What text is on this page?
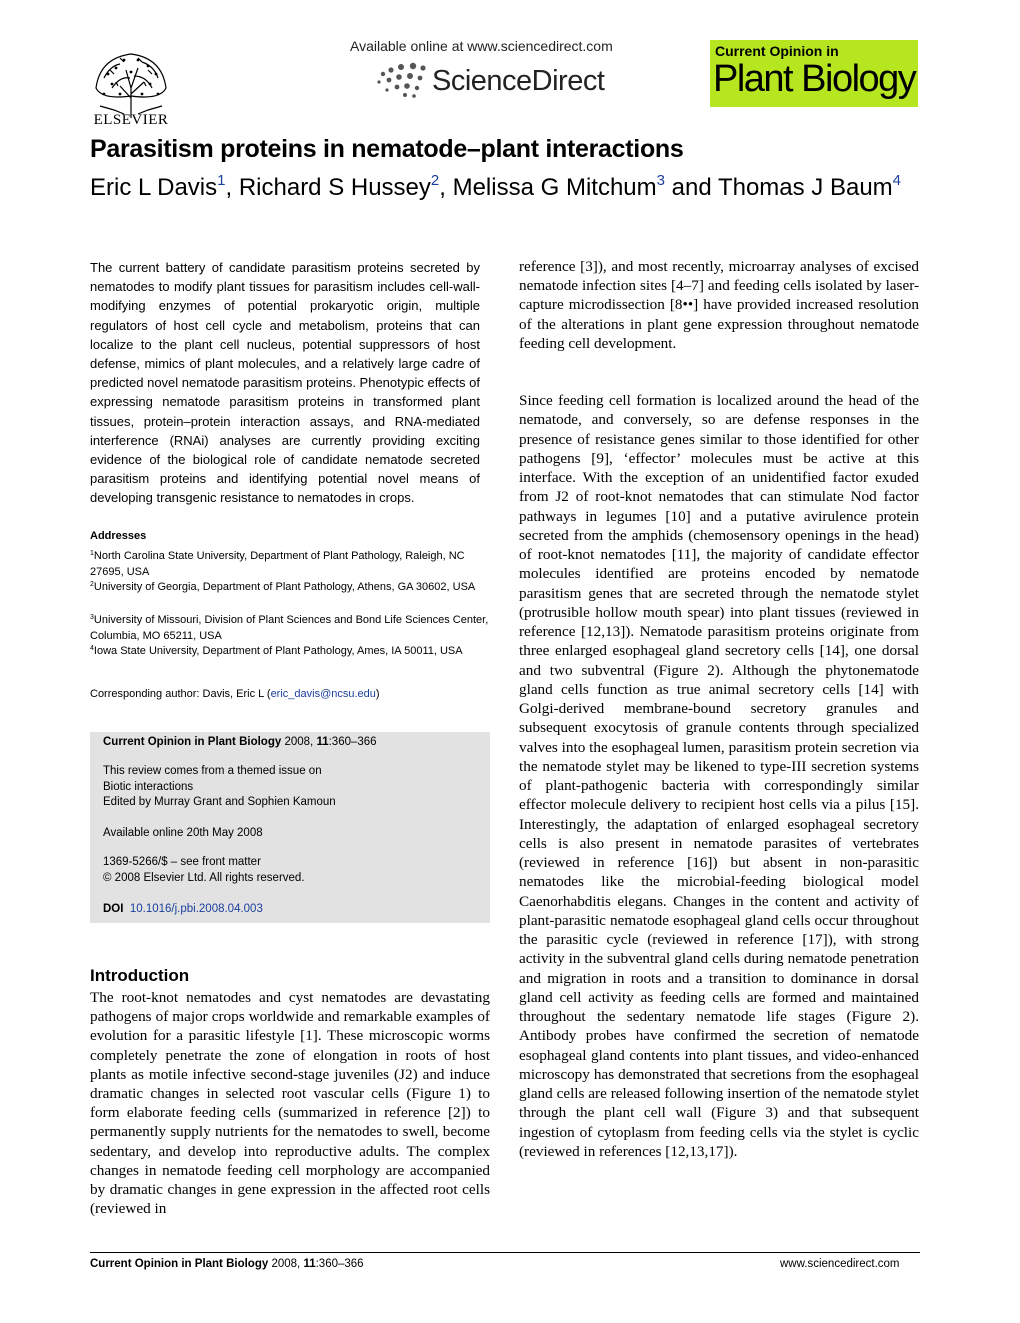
ELSEVIER
Available online at www.sciencedirect.com
ScienceDirect
Current Opinion in
Plant Biology
Parasitism proteins in nematode–plant interactions
Eric L Davis$^1$, Richard S Hussey$^2$, Melissa G Mitchum$^3$ and Thomas J Baum$^4$
The current battery of candidate parasitism proteins secreted by nematodes to modify plant tissues for parasitism includes cell-wall-modifying enzymes of potential prokaryotic origin, multiple regulators of host cell cycle and metabolism, proteins that can localize to the plant cell nucleus, potential suppressors of host defense, mimics of plant molecules, and a relatively large cadre of predicted novel nematode parasitism proteins. Phenotypic effects of expressing nematode parasitism proteins in transformed plant tissues, protein–protein interaction assays, and RNA-mediated interference (RNAi) analyses are currently providing exciting evidence of the biological role of candidate nematode secreted parasitism proteins and identifying potential novel means of developing transgenic resistance to nematodes in crops.
Addresses
$^1$North Carolina State University, Department of Plant Pathology, Raleigh, NC 27695, USA
$^2$University of Georgia, Department of Plant Pathology, Athens, GA 30602, USA
$^3$University of Missouri, Division of Plant Sciences and Bond Life Sciences Center, Columbia, MO 65211, USA
$^4$Iowa State University, Department of Plant Pathology, Ames, IA 50011, USA
Corresponding author: Davis, Eric L (eric_davis@ncsu.edu)
Current Opinion in Plant Biology 2008, 11:360–366
This review comes from a themed issue on
Biotic interactions
Edited by Murray Grant and Sophien Kamoun
Available online 20th May 2008
1369-5266/$ – see front matter
© 2008 Elsevier Ltd. All rights reserved.
DOI 10.1016/j.pbi.2008.04.003
Introduction
The root-knot nematodes and cyst nematodes are devastating pathogens of major crops worldwide and remarkable examples of evolution for a parasitic lifestyle [1]. These microscopic worms completely penetrate the zone of elongation in roots of host plants as motile infective second-stage juveniles (J2) and induce dramatic changes in selected root vascular cells (Figure 1) to form elaborate feeding cells (summarized in reference [2]) to permanently supply nutrients for the nematodes to swell, become sedentary, and develop into reproductive adults. The complex changes in nematode feeding cell morphology are accompanied by dramatic changes in gene expression in the affected root cells (reviewed in
reference [3]), and most recently, microarray analyses of excised nematode infection sites [4–7] and feeding cells isolated by laser-capture microdissection [8••] have provided increased resolution of the alterations in plant gene expression throughout nematode feeding cell development.
Since feeding cell formation is localized around the head of the nematode, and conversely, so are defense responses in the presence of resistance genes similar to those identified for other pathogens [9], ‘effector’ molecules must be active at this interface. With the exception of an unidentified factor exuded from J2 of root-knot nematodes that can stimulate Nod factor pathways in legumes [10] and a putative avirulence protein secreted from the amphids (chemosensory openings in the head) of root-knot nematodes [11], the majority of candidate effector molecules identified are proteins encoded by nematode parasitism genes that are secreted through the nematode stylet (protrusible hollow mouth spear) into plant tissues (reviewed in reference [12,13]). Nematode parasitism proteins originate from three enlarged esophageal gland secretory cells [14], one dorsal and two subventral (Figure 2). Although the phytonematode gland cells function as true animal secretory cells [14] with Golgi-derived membrane-bound secretory granules and subsequent exocytosis of granule contents through specialized valves into the esophageal lumen, parasitism protein secretion via the nematode stylet may be likened to type-III secretion systems of plant-pathogenic bacteria with correspondingly similar effector molecule delivery to recipient host cells via a pilus [15]. Interestingly, the adaptation of enlarged esophageal secretory cells is also present in nematode parasites of vertebrates (reviewed in reference [16]) but absent in non-parasitic nematodes like the microbial-feeding biological model Caenorhabditis elegans. Changes in the content and activity of plant-parasitic nematode esophageal gland cells occur throughout the parasitic cycle (reviewed in reference [17]), with strong activity in the subventral gland cells during nematode penetration and migration in roots and a transition to dominance in dorsal gland cell activity as feeding cells are formed and maintained throughout the sedentary nematode life stages (Figure 2). Antibody probes have confirmed the secretion of nematode esophageal gland contents into plant tissues, and video-enhanced microscopy has demonstrated that secretions from the esophageal gland cells are released following insertion of the nematode stylet through the plant cell wall (Figure 3) and that subsequent ingestion of cytoplasm from feeding cells via the stylet is cyclic (reviewed in references [12,13,17]).
Current Opinion in Plant Biology 2008, 11:360–366	www.sciencedirect.com
